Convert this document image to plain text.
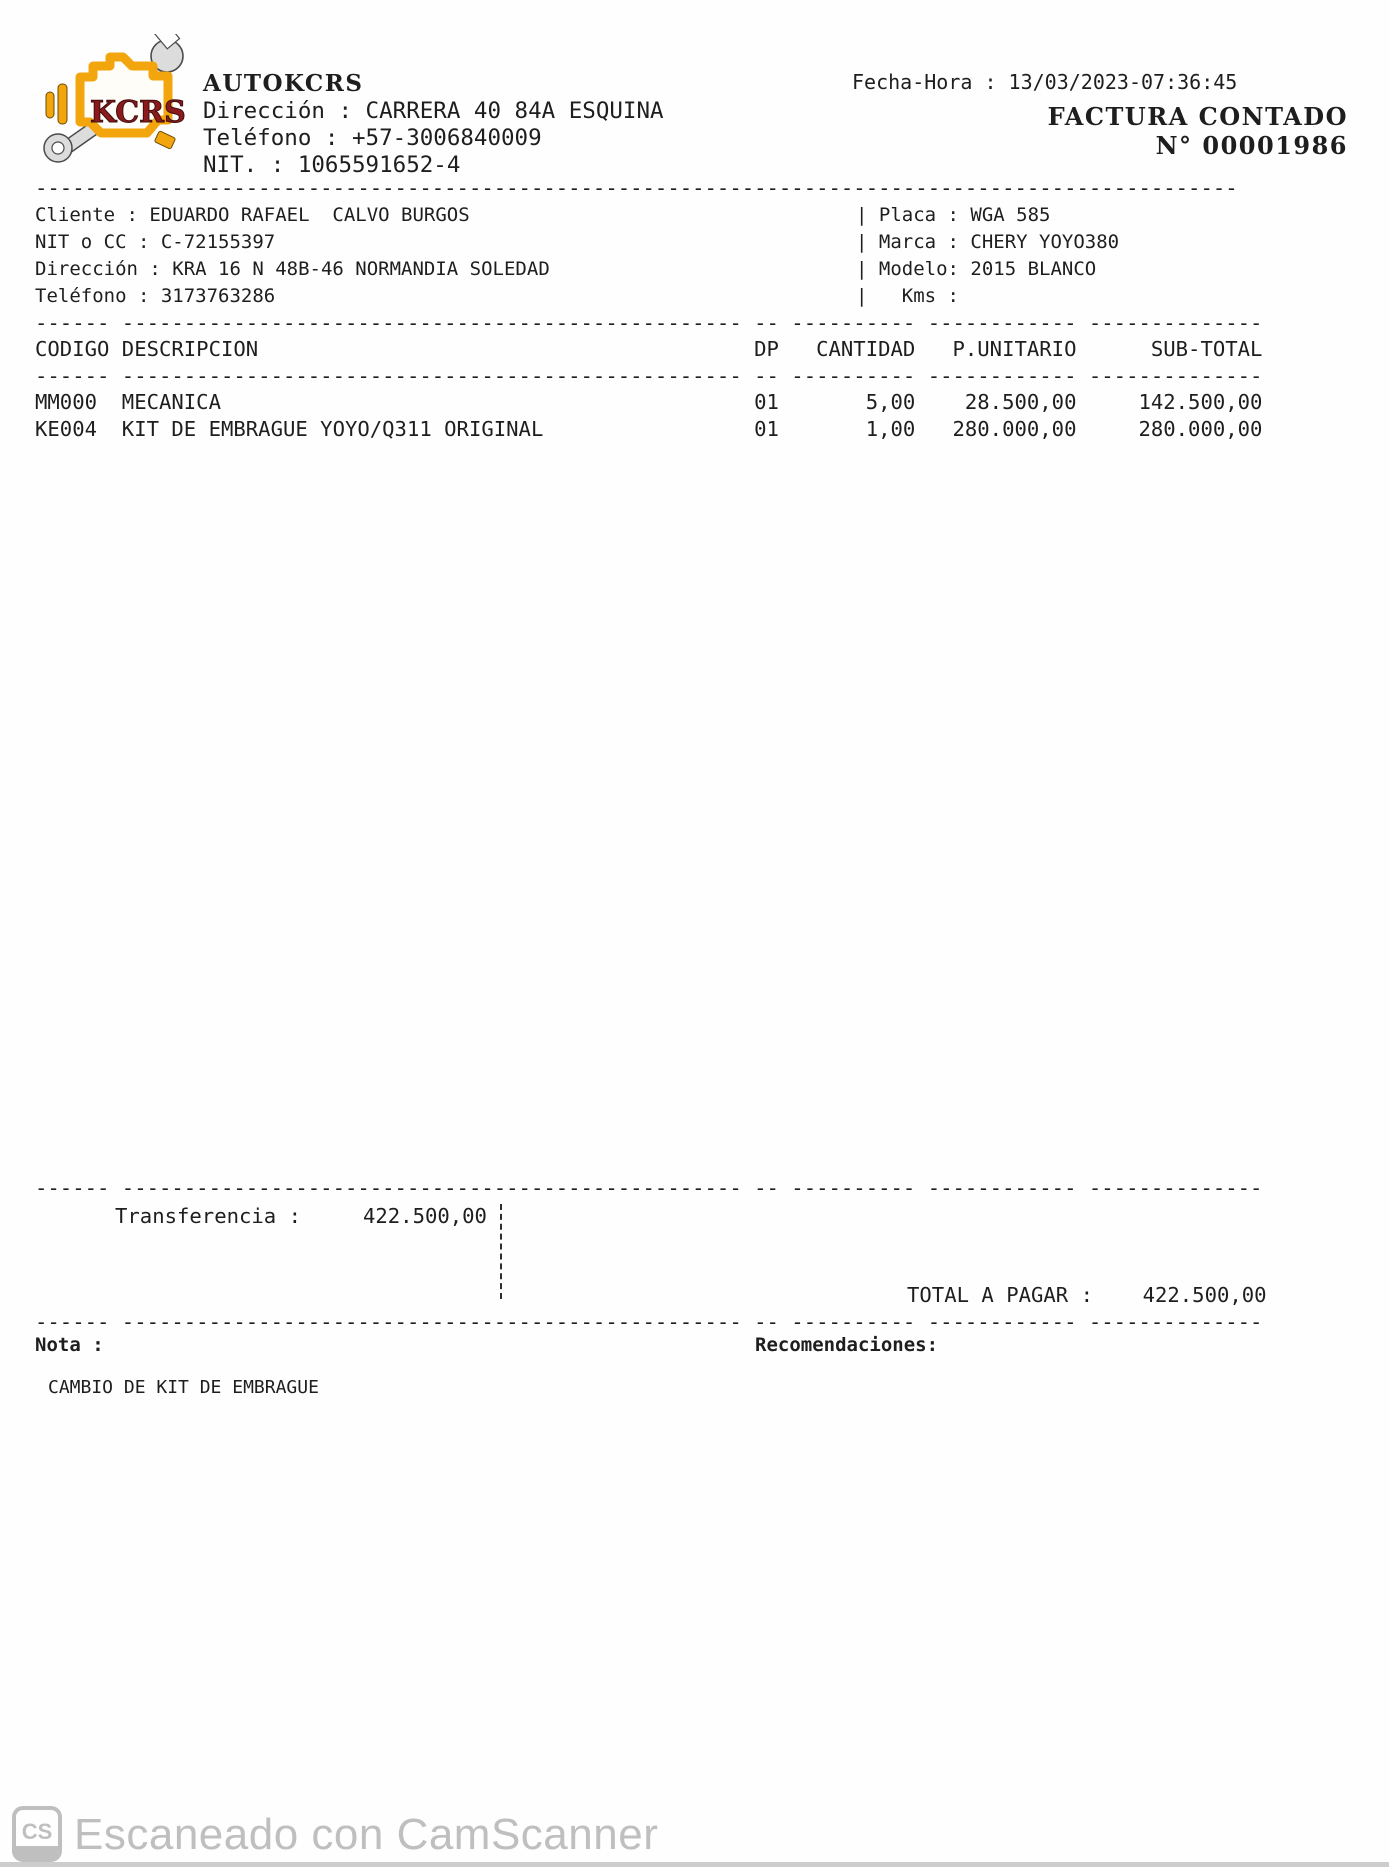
KCRS
AUTOKCRS
Dirección : CARRERA 40 84A ESQUINA
Teléfono : +57-3006840009
NIT. : 1065591652-4
Fecha-Hora : 13/03/2023-07:36:45
FACTURA CONTADO
N° 00001986
-------------------------------------------------------------------------------------------------
Cliente : EDUARDO RAFAEL  CALVO BURGOS
NIT o CC : C-72155397
Dirección : KRA 16 N 48B-46 NORMANDIA SOLEDAD
Teléfono : 3173763286
| Placa : WGA 585
| Marca : CHERY YOYO380
| Modelo: 2015 BLANCO
|   Kms :
------ -------------------------------------------------- -- ---------- ------------ --------------
CODIGO DESCRIPCION                                        DP   CANTIDAD   P.UNITARIO      SUB-TOTAL
------ -------------------------------------------------- -- ---------- ------------ --------------
MM000  MECANICA                                           01       5,00    28.500,00     142.500,00
KE004  KIT DE EMBRAGUE YOYO/Q311 ORIGINAL                 01       1,00   280.000,00     280.000,00
------ -------------------------------------------------- -- ---------- ------------ --------------
Transferencia :     422.500,00
TOTAL A PAGAR :    422.500,00
------ -------------------------------------------------- -- ---------- ------------ --------------
Nota :	Recomendaciones:
CAMBIO DE KIT DE EMBRAGUE
CS Escaneado con CamScanner
